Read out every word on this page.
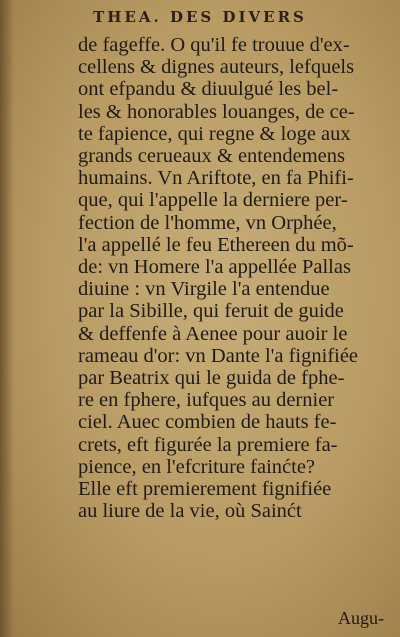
THEA. DES DIVERS
de fageffe. O qu'il fe trouue d'ex-
cellens & dignes auteurs, lefquels
ont efpandu & diuulgué les bel-
les & honorables louanges, de ce-
te fapience, qui regne & loge aux
grands cerueaux & entendemens
humains. Vn Ariftote, en fa Phifi-
que, qui l'appelle la derniere per-
fection de l'homme, vn Orphée,
l'a appellé le feu Ethereen du mõ-
de: vn Homere l'a appellée Pallas
diuine : vn Virgile l'a entendue
par la Sibille, qui feruit de guide
& deffenfe à Aenee pour auoir le
rameau d'or: vn Dante l'a fignifiée
par Beatrix qui le guida de fphe-
re en fphere, iufques au dernier
ciel. Auec combien de hauts fe-
crets, eft figurée la premiere fa-
pience, en l'efcriture fainćte?
Elle eft premierement fignifiée
au liure de la vie, où Sainćt
Augu-
